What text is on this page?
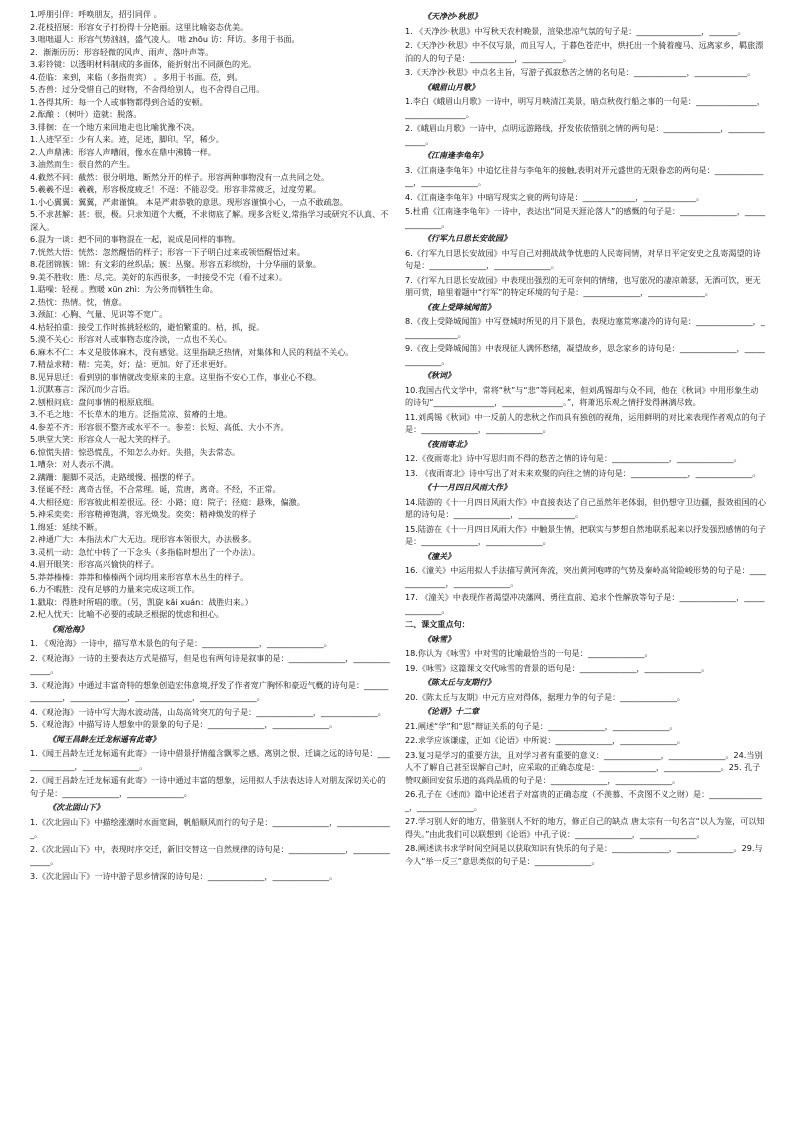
1.呼朋引伴：呼唤朋友，招引同伴 。

2.花枝招展：形容女子打扮得十分艳丽。这里比喻姿态优美。

3.咄咄逼人：形容气势汹汹，盛气凌人。 咄 zhōu 访：拜访。多用于书面。

2．渐渐历历：形容轻微的风声、雨声、落叶声等。

3.彩铃镜：以透明材料制成的多面体，能折射出不同颜色的光。

4.莅临：来到，来临（多指贵宾） 。多用于书面。莅，到。

5.杏兽：过分受惜自己的财物，不舍得给别人，也不舍得自己用。

1.各得其所：每一个人或事物都得到合适的安顿。

2.酝酿 ：（树叶）造就：脱落。

3.徘徊：在一个地方来回地走也比喻犹豫不决。

1.人迹罕至：少有人来。迹，足迹，脚印。罕，稀少。

2.人声鼎沸：形容人声嘈闹，像水在鼎中沸腾一样。

3.油然而生：很自然的产生。

4.截然不同：截然：很分明地、断然分开的样子。形容两种事物没有一点共同之处。

5.羲羲不逞：羲羲，形容极度疲乏！不逞：不能忍受。形容非常疲乏，过度劳累。

1.小心翼翼：翼翼，严肃谨慎。 本是严肃恭敬的意思。现形容谨慎小心，一点不敢疏忽。

5.不求甚解：甚：很，极。只求知道个大概，不求彻底了解。现多含贬义,常指学习或研究不认真、不深入。

6.混为一谈：把不同的事物混在一起，说成是同样的事物。

7.恍然大悟：恍然：忽然醒悟的样子；形容一下子明白过来或领悟醒悟过来。

8.花团锦簇：锦：有文彩的丝织品；簇：丛聚。形容五彩缤纷，十分华丽的景象。

9.美不胜收：胜：尽,完。美好的东西很多，一时接受不完（看不过来）。

1.聒噪：轻视 。煦暖 xūn zhì：为公务而牺牲生命。

2.热忱：热情。忱，情意。

3.颈缸：心胸、气量、见识等不宽广。

4.枯轻拍重：接受工作时拣挑轻松的，避怕繁重的。枯，抓，捉。

5.漠不关心：形容对人或事物态度冷淡，一点也不关心。

6.麻木不仁：本义是肢体麻木，没有感觉。这里指缺乏热情，对集体和人民的利益不关心。

7.精益求精：精：完美，好；益：更加。好了还求更好。

8.见异思迁：看到别的事情就改变原来的主意。这里指不安心工作，事业心不稳。

1.沉默寡言：深沉而少言语。

2.刨根问底：盘问事情的根原底细。

3.不毛之地：不长草木的地方。泛指荒凉、贫瘠的土地。

4.参差不齐：形容很不整齐或水平不一。参差：长短、高低、大小不齐。

5.哄堂大笑：形容众人一起大笑的样子。

6.惊慌失措：惊恐慌乱，不知怎么办好。失措，失去常态。

1.嘈杂：对人表示不满。

2.蹒跚：腿脚不灵活，走路缓慢、摇摆的样子。

3.怪诞不经：离奇古怪，不合常理。诞，荒唐，离奇。不经，不正常。

4.大相径庭：形容彼此相差很远。径：小路；庭：院子；径庭：悬殊，偏激。

5.神采奕奕：形容精神饱满，容光焕发。奕奕：精神焕发的样子

1.绵延：延续不断。

2.神通广大：本指法术广大无边。现形容本领很大，办法极多。

3.灵机一动：急忙中转了一下念头（多指临时想出了一个办法）。

4.眉开眼笑：形容高兴愉快的样子。

5.莽莽榛榛：莽莽和榛榛两个词均用来形容草木丛生的样子。

6.力不暇胜：没有足够的力量来完成这项工作。

1.戳取：得胜时所唱的歌。（另，凯旋 kǎi xuán：战胜归来。）

2.杞人忧天：比喻不必要的或缺乏根据的忧虑和担心。

《观沧海》

1. 《观沧海》一诗中，描写草木景色的句子是：______________，______________。

2.《观沧海》一诗的主要表达方式是描写，但是也有两句诗是叙事的是：______________，______________。

3.《观沧海》中通过丰富奇特的想象创造宏伟意境,抒发了作者宽广胸怀和豪迈气概的诗句是：______________，______________，______________，______________。

4.《观沧海》一诗中写大海水波动荡，山岛高耸突兀的句子是：______________，______________。5.《观沧海》中描写诗人想象中的景象的句子是：______________，______________。

《闻王昌龄左迁龙标遥有此寄》

1.《闻王昌龄左迁龙标遥有此寄》一诗中借景抒情蕴含飘零之感、离别之恨、迁谪之远的诗句是：______________，______________。

2.《闻王昌龄左迁龙标遥有此寄》一诗中通过丰富的想象，运用拟人手法表达诗人对朋友深切关心的句子是：______________，______________。

《次北固山下》

1.《次北固山下》中描绘涨潮时水面宽阔，帆船顺风而行的句子是：______________，______________。

2.《次北固山下》中，表现时序交迁，新旧交替这一自然规律的诗句是：______________，______________。

3.《次北固山下》一诗中游子思乡情深的诗句是：______________，______________。

《天净沙·秋思》

1. 《天净沙·秋思》中写秋天农村晚景，渲染悲凉气氛的句子是：________________，_______。

2.《天净沙·秋思》中不仅写景，而且写人，于暮色苍茫中，烘托出一个骑着瘦马、远离家乡，羁旅漂泊的人的句子是：___________，__________。

3.《天净沙·秋思》中点名主旨，写游子孤寂愁苦之情的名句是：_____________，_____________。

《峨眉山月歌》

1.李白《峨眉山月歌》一诗中，明写月映清江美景，暗点秋夜行船之事的一句是：_______________，_______________。

2.《峨眉山月歌》一诗中，点明远游路线，抒发依依惜别之情的两句是：______________，______________。

《江南逢李龟年》

3.《江南逢李龟年》中追忆往昔与李龟年的接触,表明对开元盛世的无限眷恋的两句是：______________，______________。

4.《江南逢李龟年》中暗写现实之衰的两句诗是：_____________，_____________。

5.杜甫《江南逢李龟年》一诗中，表达出“同是天涯沦落人”的感慨的句子是：______________，______________。

《行军九日思长安故园》

6.《行军九日思长安故园》中写自己对拥战战争忧患的人民寄同情，对早日平定安史之乱寄渴望的诗句是：______________，______________。

7.《行军九日思长安故园》中表现出强烈的无可奈何的情绪，也写旅况的凄凉萧瑟，无酒可饮，更无朋可赏，暗里着题中“行军”的特定环境的句子是：______________，______________。

《夜上受降城闻笛》

8.《夜上受降城闻笛》中写登城时所见的月下景色，表现边塞荒寒凄冷的诗句是：______________，______________。

9.《夜上受降城闻笛》中表现征人满怀愁绪，凝望故乡，思念家乡的诗句是：______________，______________。

《秋词》

10.我国古代文学中，常将“秋”与“悲”等同起来，但刘禹锡却与众不同，他在《秋词》中用形象生动的诗句“_______________，_______________。”，将萧迅乐观之情抒发得淋漓尽致。

11.刘禹锡《秋词》中一反前人的悲秋之作而具有独创的视角，运用鲜明的对比来表现作者观点的句子是：______________，______________。

《夜雨寄北》

12.《夜雨寄北》诗中写思归而不得的愁苦之情的诗句是：______________，______________。

13. 《夜雨寄北》诗中写出了对未来欢聚的向往之情的诗句是：______________，______________。

《十一月四日风雨大作》

14.陆游的《十一月四日风雨大作》中直接表达了自己虽然年老体弱，但仍想守卫边疆，报效祖国的心愿的诗句是：______________，______________。

15.陆游在《十一月四日风雨大作》中触景生情，把联实与梦想自然地联系起来以抒发强烈感情的句子是：______________，______________。

《潼关》

16.《潼关》中运用拟人手法描写黄河奔流，突出黄河咆哮的气势及秦岭高耸险峻形势的句子是：______________，______________。

17. 《潼关》中表现作者渴望冲决藩网、勇往直前、追求个性解放等句子是：______________，______________。

二、课文重点句：

《咏雪》

18.你认为《咏雪》中对雪的比喻最恰当的一句是：______________。

19.《咏雪》这篇课文交代咏雪的背景的语句是：______________，______________。

《陈太丘与友期行》

20.《陈太丘与友期》中元方应对得体，据理力争的句子是：______________。

《论语》十二章

21.阐述“学”和“思”辩证关系的句子是：______________，______________。

22.求学应该谦虚，正如《论语》中所说：______________，______________。

23.复习是学习的重要方法，且对学习者有重要的意义：______________，______________。24.当别人不了解自己甚至误解自己时，应采取的正确态度是：______________，______________。25. 孔子赞叹颜回安贫乐道的高尚品质的句子是：______________，______________。

26.孔子在《述而》篇中论述君子对富贵的正确态度（不羡慕、不贪图不义之财）是：______________，______________。

27.学习别人好的地方，借鉴别人不好的地方，修正自己的缺点 唐太宗有一句名言“以人为鉴，可以知得失。”由此我们可以联想到《论语》中孔子说：______________，______________。

28.阐述读书求学时间空间是以获取知识有快乐的句子是：______________，______________。29.与今人“举一反三”意思类似的句子是：______________。
